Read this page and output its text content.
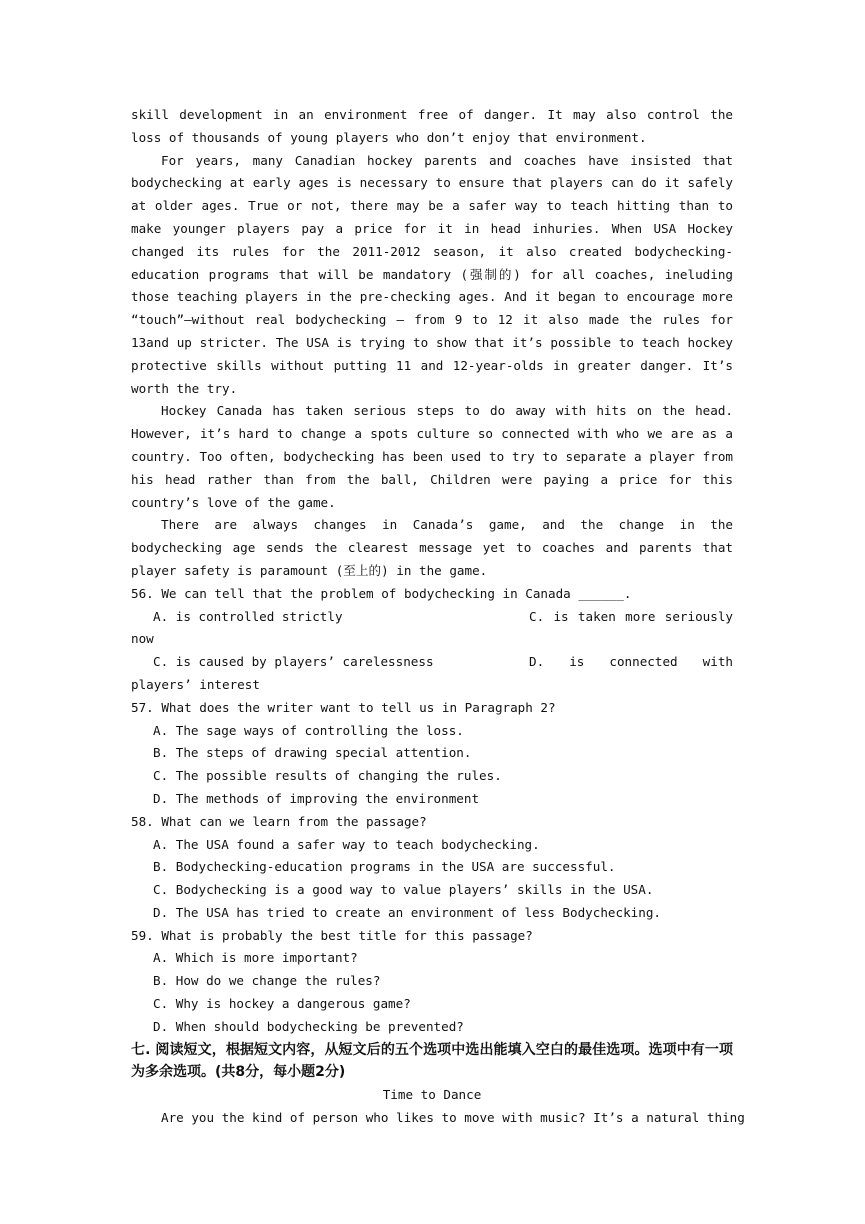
skill development in an environment free of danger. It may also control the loss of thousands of young players who don’t enjoy that environment.

For years, many Canadian hockey parents and coaches have insisted that bodychecking at early ages is necessary to ensure that players can do it safely at older ages. True or not, there may be a safer way to teach hitting than to make younger players pay a price for it in head inhuries. When USA Hockey changed its rules for the 2011-2012 season, it also created bodychecking-education programs that will be mandatory (强制的) for all coaches, ineluding those teaching players in the pre-checking ages. And it began to encourage more “touch”—without real bodychecking – from 9 to 12 it also made the rules for 13and up stricter. The USA is trying to show that it’s possible to teach hockey protective skills without putting 11 and 12-year-olds in greater danger. It’s worth the try.

Hockey Canada has taken serious steps to do away with hits on the head. However, it’s hard to change a spots culture so connected with who we are as a country. Too often, bodychecking has been used to try to separate a player from his head rather than from the ball, Children were paying a price for this country’s love of the game.

There are always changes in Canada’s game, and the change in the bodychecking age sends the clearest message yet to coaches and parents that player safety is paramount (至上的) in the game.

56. We can tell that the problem of bodychecking in Canada ______.

A. is controlled strictly	C. is taken more seriously

now

C. is caused by players’ carelessness	D. is connected with

players’ interest

57. What does the writer want to tell us in Paragraph 2?

A. The sage ways of controlling the loss.

B. The steps of drawing special attention.

C. The possible results of changing the rules.

D. The methods of improving the environment

58. What can we learn from the passage?

A. The USA found a safer way to teach bodychecking.

B. Bodychecking-education programs in the USA are successful.

C. Bodychecking is a good way to value players’ skills in the USA.

D. The USA has tried to create an environment of less Bodychecking.

59. What is probably the best title for this passage?

A. Which is more important?

B. How do we change the rules?

C. Why is hockey a dangerous game?

D. When should bodychecking be prevented?

七. 阅读短文，根据短文内容，从短文后的五个选项中选出能填入空白的最佳选项。选项中有一项为多余选项。(共8分，每小题2分)

Time to Dance

Are you the kind of person who likes to move with music? It’s a natural thing
